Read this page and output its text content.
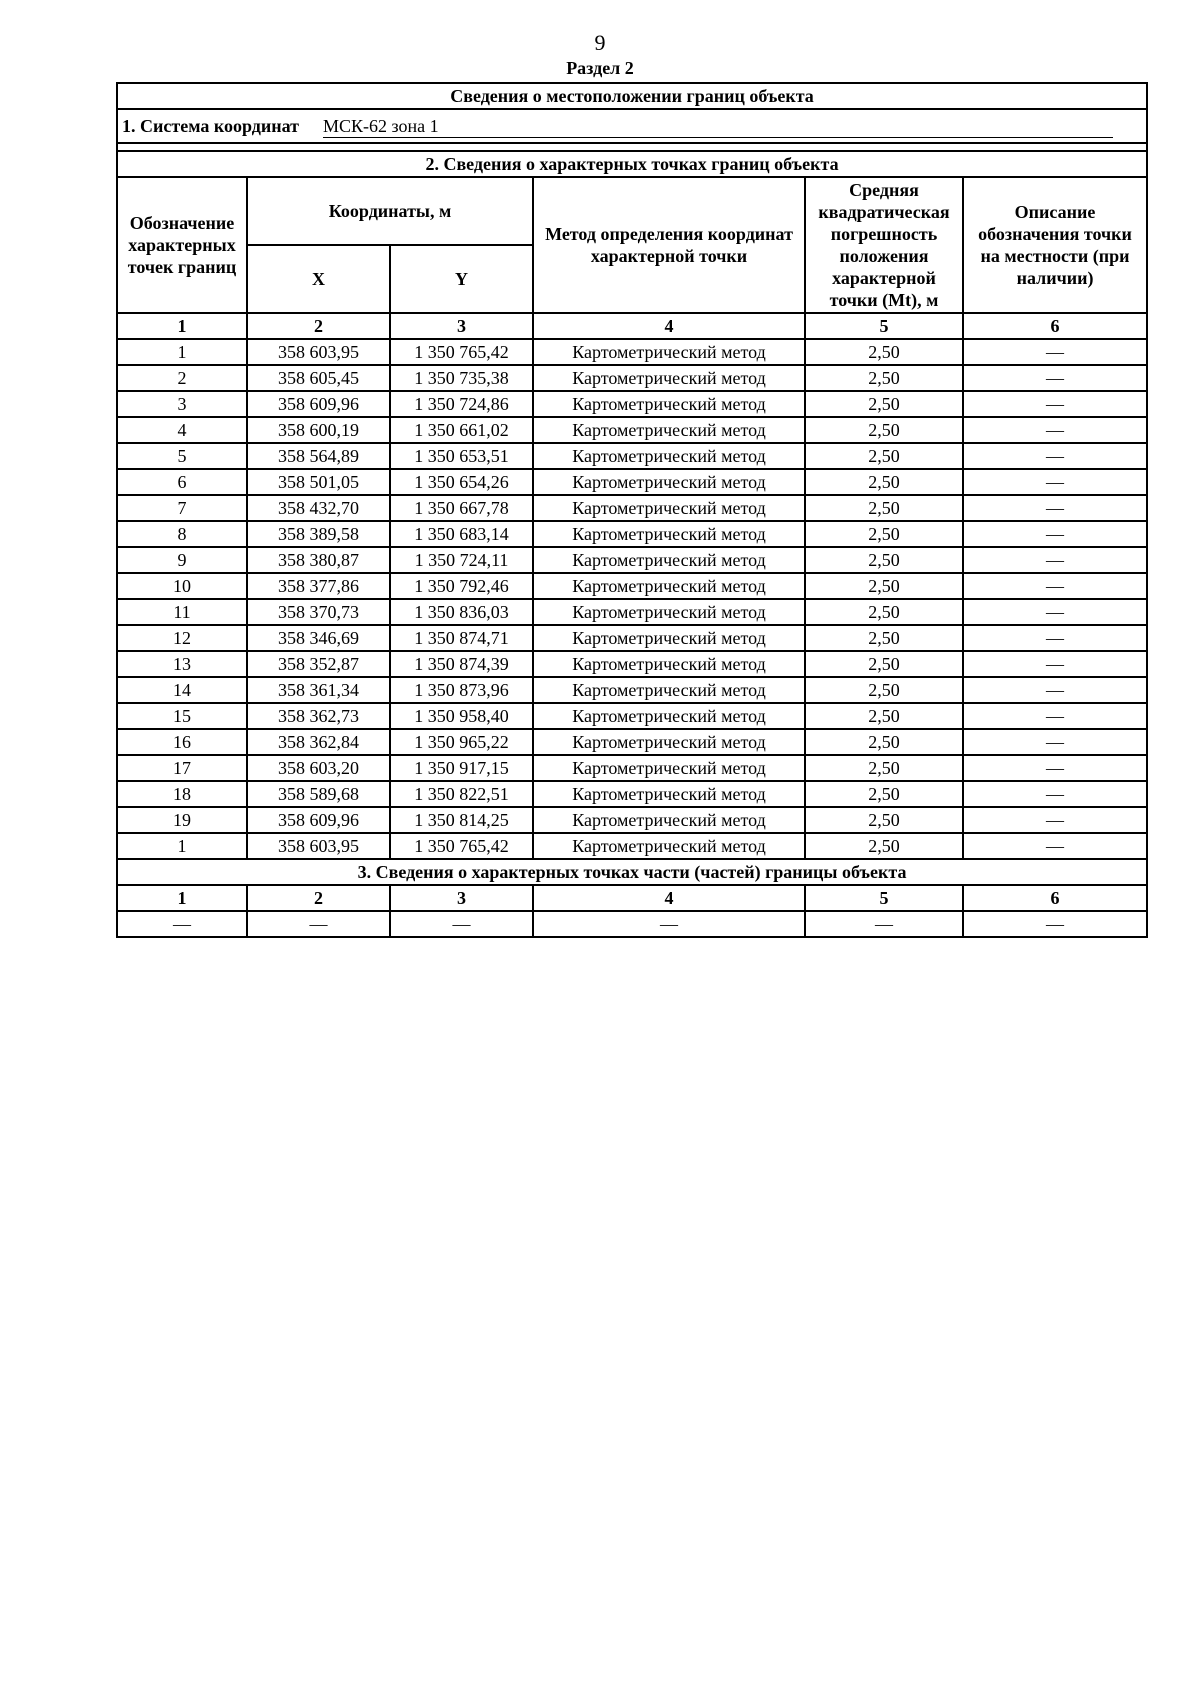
9
Раздел 2
Сведения о местоположении границ объекта					
1. Система координат МСК-62 зона 1					

2. Сведения о характерных точках границ объекта					
Обозначение характерных точек границ	Координаты, м		Метод определения координат характерной точки	Средняя квадратическая погрешность положения характерной точки (Mt), м	Описание обозначения точки на местности (при наличии)
	X	Y			
1	2	3	4	5	6
1	358 603,95	1 350 765,42	Картометрический метод	2,50	—
2	358 605,45	1 350 735,38	Картометрический метод	2,50	—
3	358 609,96	1 350 724,86	Картометрический метод	2,50	—
4	358 600,19	1 350 661,02	Картометрический метод	2,50	—
5	358 564,89	1 350 653,51	Картометрический метод	2,50	—
6	358 501,05	1 350 654,26	Картометрический метод	2,50	—
7	358 432,70	1 350 667,78	Картометрический метод	2,50	—
8	358 389,58	1 350 683,14	Картометрический метод	2,50	—
9	358 380,87	1 350 724,11	Картометрический метод	2,50	—
10	358 377,86	1 350 792,46	Картометрический метод	2,50	—
11	358 370,73	1 350 836,03	Картометрический метод	2,50	—
12	358 346,69	1 350 874,71	Картометрический метод	2,50	—
13	358 352,87	1 350 874,39	Картометрический метод	2,50	—
14	358 361,34	1 350 873,96	Картометрический метод	2,50	—
15	358 362,73	1 350 958,40	Картометрический метод	2,50	—
16	358 362,84	1 350 965,22	Картометрический метод	2,50	—
17	358 603,20	1 350 917,15	Картометрический метод	2,50	—
18	358 589,68	1 350 822,51	Картометрический метод	2,50	—
19	358 609,96	1 350 814,25	Картометрический метод	2,50	—
1	358 603,95	1 350 765,42	Картометрический метод	2,50	—
3. Сведения о характерных точках части (частей) границы объекта					
1	2	3	4	5	6
—	—	—	—	—	—
